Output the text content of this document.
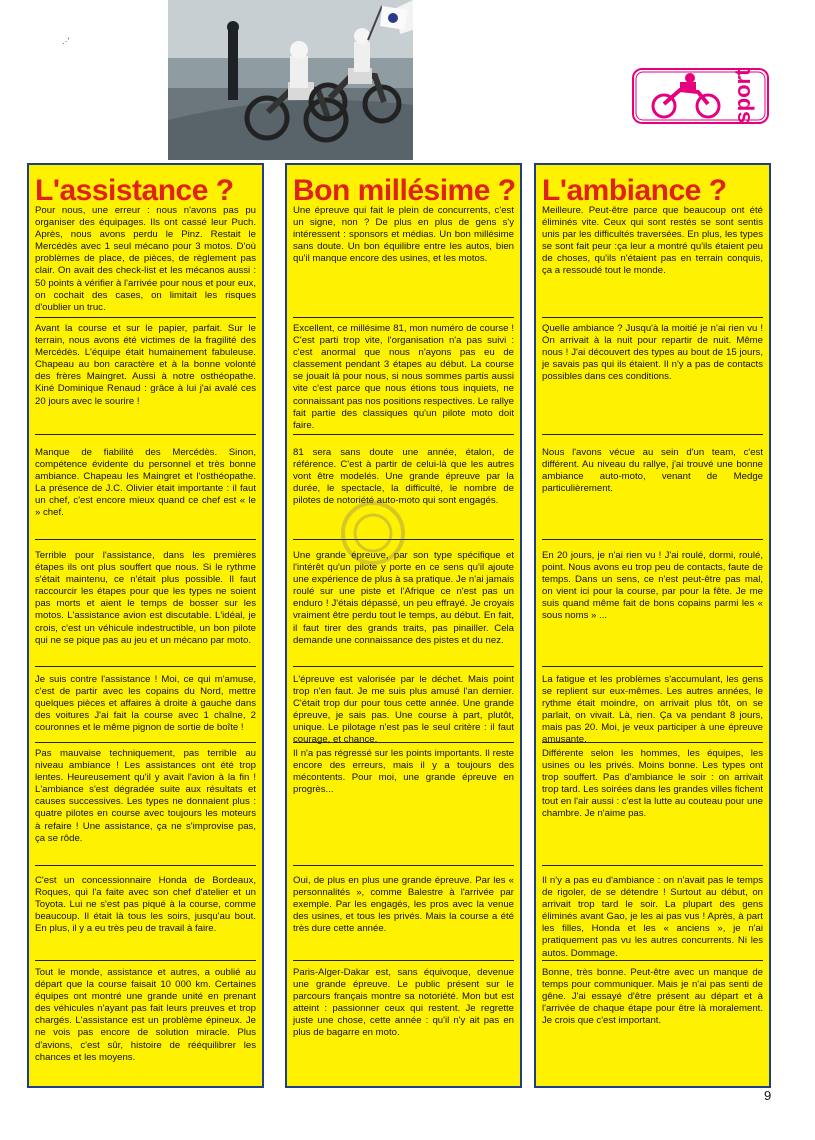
.·'
sport
L'assistance ?

Pour nous, une erreur : nous n'avons pas pu organiser des équipages. Ils ont cassé leur Puch. Après, nous avons perdu le Pinz. Restait le Mercédès avec 1 seul mécano pour 3 motos. D'où problèmes de place, de pièces, de règlement pas clair. On avait des check-list et les mécanos aussi : 50 points à vérifier à l'arrivée pour nous et pour eux, on cochait des cases, on limitait les risques d'oublier un truc.

Avant la course et sur le papier, parfait. Sur le terrain, nous avons été victimes de la fragilité des Mercédès. L'équipe était humainement fabuleuse. Chapeau au bon caractère et à la bonne volonté des frères Maingret. Aussi à notre osthéopathe. Kiné Dominique Renaud : grâce à lui j'ai avalé ces 20 jours avec le sourire !

Manque de fiabilité des Mercédès. Sinon, compétence évidente du personnel et très bonne ambiance. Chapeau les Maingret et l'osthéopathe. La présence de J.C. Olivier était importante : il faut un chef, c'est encore mieux quand ce chef est « le » chef.

Terrible pour l'assistance, dans les premières étapes ils ont plus souffert que nous. Si le rythme s'était maintenu, ce n'était plus possible. Il faut raccourcir les étapes pour que les types ne soient pas morts et aient le temps de bosser sur les motos. L'assistance avion est discutable. L'idéal, je crois, c'est un véhicule indestructible, un bon pilote qui ne se pique pas au jeu et un mécano par moto.

Je suis contre l'assistance ! Moi, ce qui m'amuse, c'est de partir avec les copains du Nord, mettre quelques pièces et affaires à droite à gauche dans des voitures J'ai fait la course avec 1 chaîne, 2 couronnes et le même pignon de sortie de boîte !

Pas mauvaise techniquement, pas terrible au niveau ambiance ! Les assistances ont été trop lentes. Heureusement qu'il y avait l'avion à la fin ! L'ambiance s'est dégradée suite aux résultats et causes successives. Les types ne donnaient plus : quatre pilotes en course avec toujours les moteurs à refaire ! Une assistance, ça ne s'improvise pas, ça se rôde.

C'est un concessionnaire Honda de Bordeaux, Roques, qui l'a faite avec son chef d'atelier et un Toyota. Lui ne s'est pas piqué à la course, comme beaucoup. Il était là tous les soirs, jusqu'au bout. En plus, il y a eu très peu de travail à faire.

Tout le monde, assistance et autres, a oublié au départ que la course faisait 10 000 km. Certaines équipes ont montré une grande unité en prenant des véhicules n'ayant pas fait leurs preuves et trop chargés. L'assistance est un problème épineux. Je ne vois pas encore de solution miracle. Plus d'avions, c'est sûr, histoire de rééquilibrer les chances et les moyens.

Bon millésime ?

Une épreuve qui fait le plein de concurrents, c'est un signe, non ? De plus en plus de gens s'y intéressent : sponsors et médias. Un bon millésime sans doute. Un bon équilibre entre les autos, bien qu'il manque encore des usines, et les motos.

Excellent, ce millésime 81, mon numéro de course ! C'est parti trop vite, l'organisation n'a pas suivi : c'est anormal que nous n'ayons pas eu de classement pendant 3 étapes au début. La course se jouait là pour nous, si nous sommes partis aussi vite c'est parce que nous étions tous inquiets, ne connaissant pas nos positions respectives. Le rallye fait partie des classiques qu'un pilote moto doit faire.

81 sera sans doute une année, étalon, de référence. C'est à partir de celui-là que les autres vont être modelés. Une grande épreuve par la durée, le spectacle, la difficulté, le nombre de pilotes de notoriété auto-moto qui sont engagés.

Une grande épreuve, par son type spécifique et l'intérêt qu'un pilote y porte en ce sens qu'il ajoute une expérience de plus à sa pratique. Je n'ai jamais roulé sur une piste et l'Afrique ce n'est pas un enduro ! J'étais dépassé, un peu effrayé. Je croyais vraiment être perdu tout le temps, au début. En fait, il faut tirer des grands traits, pas pinailler. Cela demande une connaissance des pistes et du nez.

L'épreuve est valorisée par le déchet. Mais point trop n'en faut. Je me suis plus amusé l'an dernier. C'était trop dur pour tous cette année. Une grande épreuve, je sais pas. Une course à part, plutôt, unique. Le pilotage n'est pas le seul critère : il faut courage, et chance.

Il n'a pas régressé sur les points importants. Il reste encore des erreurs, mais il y a toujours des mécontents. Pour moi, une grande épreuve en progrès...

Oui, de plus en plus une grande épreuve. Par les « personnalités », comme Balestre à l'arrivée par exemple. Par les engagés, les pros avec la venue des usines, et tous les privés. Mais la course a été très dure cette année.

Paris-Alger-Dakar est, sans équivoque, devenue une grande épreuve. Le public présent sur le parcours français montre sa notoriété. Mon but est atteint : passionner ceux qui restent. Je regrette juste une chose, cette année : qu'il n'y ait pas en plus de bagarre en moto.

L'ambiance ?

Meilleure. Peut-être parce que beaucoup ont été éliminés vite. Ceux qui sont restés se sont sentis unis par les difficultés traversées. En plus, les types se sont fait peur :ça leur a montré qu'ils étaient peu de choses, qu'ils n'étaient pas en terrain conquis, ça a ressoudé tout le monde.

Quelle ambiance ? Jusqu'à la moitié je n'ai rien vu ! On arrivait à la nuit pour repartir de nuit. Même nous ! J'ai découvert des types au bout de 15 jours, je savais pas qui ils étaient. Il n'y a pas de contacts possibles dans ces conditions.

Nous l'avons vécue au sein d'un team, c'est différent. Au niveau du rallye, j'ai trouvé une bonne ambiance auto-moto, venant de Medge particulièrement.

En 20 jours, je n'ai rien vu ! J'ai roulé, dormi, roulé, point. Nous avons eu trop peu de contacts, faute de temps. Dans un sens, ce n'est peut-être pas mal, on vient ici pour la course, par pour la fête. Je me suis quand même fait de bons copains parmi les « sous noms » ...

La fatigue et les problèmes s'accumulant, les gens se replient sur eux-mêmes. Les autres années, le rythme était moindre, on arrivait plus tôt, on se parlait, on vivait. Là, rien. Ça va pendant 8 jours, mais pas 20. Moi, je veux participer à une épreuve amusante.

Différente selon les hommes, les équipes, les usines ou les privés. Moins bonne. Les types ont trop souffert. Pas d'ambiance le soir : on arrivait trop tard. Les soirées dans les grandes villes fichent tout en l'air aussi : c'est la lutte au couteau pour une chambre. Je n'aime pas.

Il n'y a pas eu d'ambiance : on n'avait pas le temps de rigoler, de se détendre ! Surtout au début, on arrivait trop tard le soir. La plupart des gens éliminés avant Gao, je les ai pas vus ! Après, à part les filles, Honda et les « anciens », je n'ai pratiquement pas vu les autres concurrents. Ni les autos. Dommage.

Bonne, très bonne. Peut-être avec un manque de temps pour communiquer. Mais je n'ai pas senti de gêne. J'ai essayé d'être présent au départ et à l'arrivée de chaque étape pour être là moralement. Je crois que c'est important.

9
